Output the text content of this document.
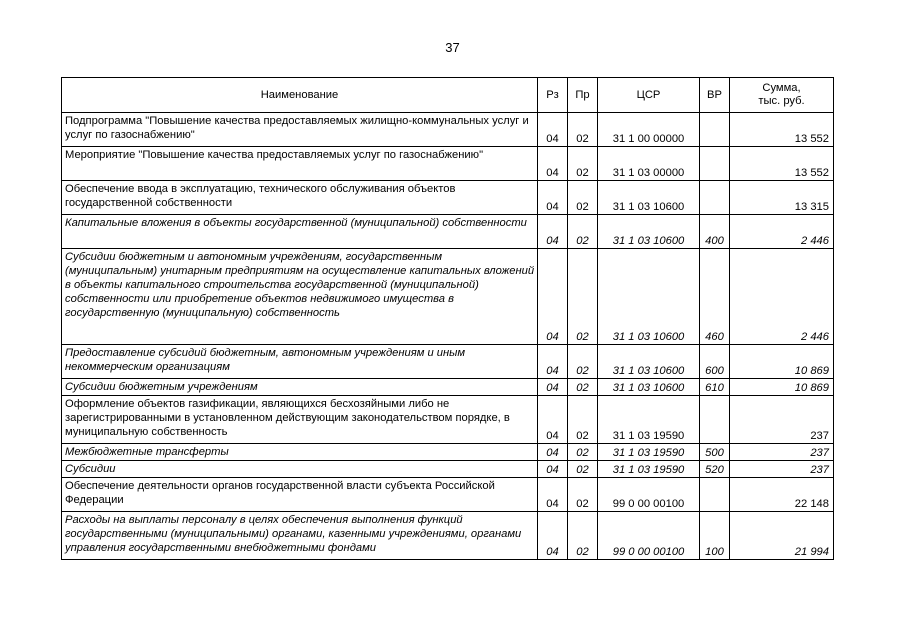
37
Наименование	Рз	Пр	ЦСР	ВР	Сумма,
тыс. руб.

Подпрограмма "Повышение качества предоставляемых жилищно-коммунальных услуг и услуг по газоснабжению"	04	02	31 1 00 00000		13 552
Мероприятие "Повышение качества предоставляемых услуг по газоснабжению"	04	02	31 1 03 00000		13 552
Обеспечение ввода в эксплуатацию, технического обслуживания объектов государственной собственности	04	02	31 1 03 10600		13 315
Капитальные вложения в объекты государственной (муниципальной) собственности	04	02	31 1 03 10600	400	2 446
Субсидии бюджетным и автономным учреждениям, государственным (муниципальным) унитарным предприятиям на осуществление капитальных вложений в объекты капитального строительства государственной (муниципальной) собственности или приобретение объектов недвижимого имущества в государственную (муниципальную) собственность	04	02	31 1 03 10600	460	2 446
Предоставление субсидий бюджетным, автономным учреждениям и иным некоммерческим организациям	04	02	31 1 03 10600	600	10 869
Субсидии бюджетным учреждениям	04	02	31 1 03 10600	610	10 869
Оформление объектов газификации, являющихся бесхозяйными либо не зарегистрированными в установленном действующим законодательством порядке, в муниципальную собственность	04	02	31 1 03 19590		237
Межбюджетные трансферты	04	02	31 1 03 19590	500	237
Субсидии	04	02	31 1 03 19590	520	237
Обеспечение деятельности органов государственной власти субъекта Российской Федерации	04	02	99 0 00 00100		22 148
Расходы на выплаты персоналу в целях обеспечения выполнения функций государственными (муниципальными) органами, казенными учреждениями, органами управления государственными внебюджетными фондами	04	02	99 0 00 00100	100	21 994
